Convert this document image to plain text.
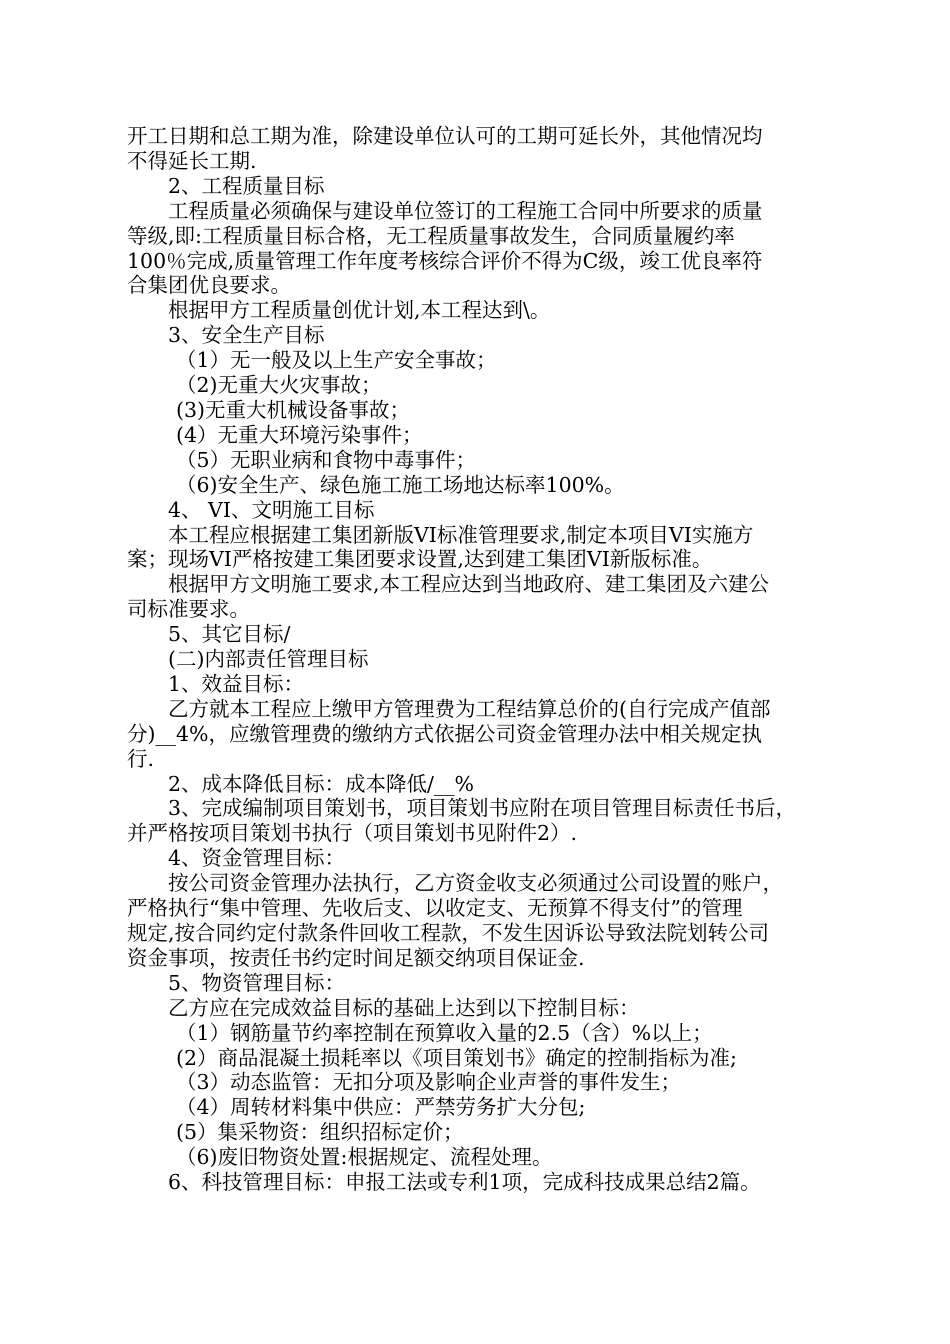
开工日期和总工期为准，除建设单位认可的工期可延长外，其他情况均

不得延长工期.

2、工程质量目标

工程质量必须确保与建设单位签订的工程施工合同中所要求的质量

等级,即:工程质量目标合格，无工程质量事故发生，合同质量履约率

100％完成,质量管理工作年度考核综合评价不得为C级，竣工优良率符

合集团优良要求。

根据甲方工程质量创优计划,本工程达到\。

3、安全生产目标

（1）无一般及以上生产安全事故；

（2)无重大火灾事故；

(3)无重大机械设备事故；

(4）无重大环境污染事件；

（5）无职业病和食物中毒事件；

（6)安全生产、绿色施工施工场地达标率100%。

4、 VI、文明施工目标

本工程应根据建工集团新版VI标准管理要求,制定本项目VI实施方

案；现场VI严格按建工集团要求设置,达到建工集团VI新版标准。

根据甲方文明施工要求,本工程应达到当地政府、建工集团及六建公

司标准要求。

5、其它目标/

(二)内部责任管理目标

1、效益目标：

乙方就本工程应上缴甲方管理费为工程结算总价的(自行完成产值部

分)__4%，应缴管理费的缴纳方式依据公司资金管理办法中相关规定执

行.

2、成本降低目标：成本降低/__%

3、完成编制项目策划书，项目策划书应附在项目管理目标责任书后，

并严格按项目策划书执行（项目策划书见附件2）.

4、资金管理目标：

按公司资金管理办法执行，乙方资金收支必须通过公司设置的账户，

严格执行“集中管理、先收后支、以收定支、无预算不得支付”的管理

规定,按合同约定付款条件回收工程款，不发生因诉讼导致法院划转公司

资金事项，按责任书约定时间足额交纳项目保证金.

5、物资管理目标：

乙方应在完成效益目标的基础上达到以下控制目标：

（1）钢筋量节约率控制在预算收入量的2.5（含）%以上；

(2）商品混凝土损耗率以《项目策划书》确定的控制指标为准;

（3）动态监管：无扣分项及影响企业声誉的事件发生；

（4）周转材料集中供应：严禁劳务扩大分包;

(5）集采物资：组织招标定价；

（6)废旧物资处置:根据规定、流程处理。

6、科技管理目标：申报工法或专利1项，完成科技成果总结2篇。
